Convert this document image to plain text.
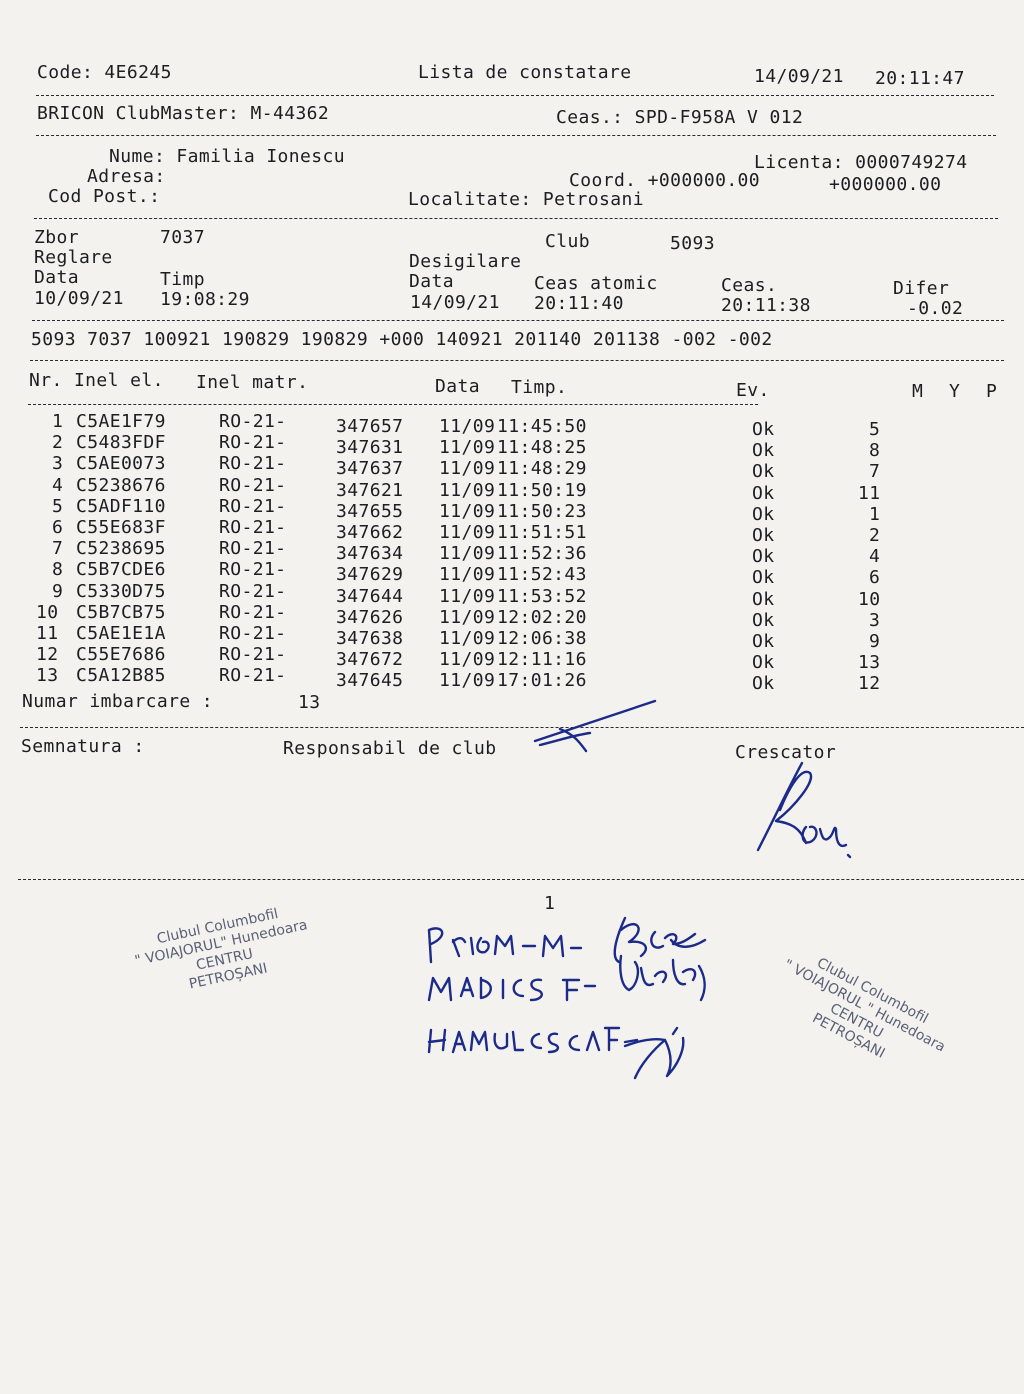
Code: 4E6245	Lista de constatare	14/09/21 20:11:47
BRICON ClubMaster: M-44362	Ceas.: SPD-F958A V 012
Nume: Familia Ionescu
Adresa:
Cod Post.:
Licenta: 0000749274
Coord. +000000.00	+000000.00
Localitate: Petrosani
Zbor	7037	Club	5093
Reglare	Desigilare
Data	Timp	Data	Ceas atomic	Ceas.	Difer
10/09/21 19:08:29	14/09/21 20:11:40	20:11:38	-0.02
5093 7037 100921 190829 190829 +000 140921 201140 201138 -002 -002
Nr. Inel el. Inel matr.	Data Timp.	Ev.	M Y P
1 C5AE1F79	RO-21-	347657 11/09 11:45:50	Ok	5
2 C5483FDF	RO-21-	347631 11/09 11:48:25	Ok	8
3 C5AE0073	RO-21-	347637 11/09 11:48:29	Ok	7
4 C5238676	RO-21-	347621 11/09 11:50:19	Ok	11
5 C5ADF110	RO-21-	347655 11/09 11:50:23	Ok	1
6 C55E683F	RO-21-	347662 11/09 11:51:51	Ok	2
7 C5238695	RO-21-	347634 11/09 11:52:36	Ok	4
8 C5B7CDE6	RO-21-	347629 11/09 11:52:43	Ok	6
9 C5330D75	RO-21-	347644 11/09 11:53:52	Ok	10
10 C5B7CB75	RO-21-	347626 11/09 12:02:20	Ok	3
11 C5AE1E1A	RO-21-	347638 11/09 12:06:38	Ok	9
12 C55E7686	RO-21-	347672 11/09 12:11:16	Ok	13
13 C5A12B85	RO-21-	347645 11/09 17:01:26	Ok	12
Numar imbarcare :	13
Semnatura :	Responsabil de club	Crescator
1
Clubul Columbofil
" VOIAJORUL" Hunedoara
CENTRU
PETROȘANI	Clubul Columbofil
" VOIAJORUL " Hunedoara
CENTRU
PETROȘANI
